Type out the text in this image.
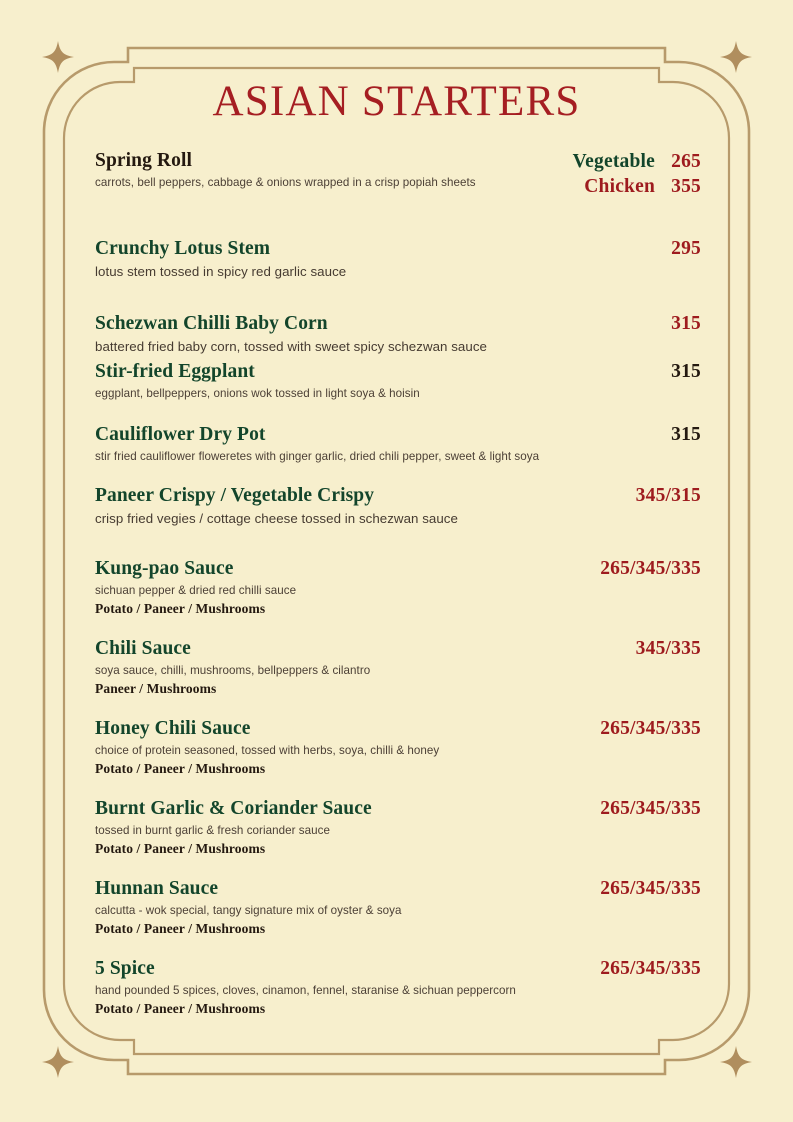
ASIAN STARTERS
Spring Roll	Vegetable 265
Chicken 355
carrots, bell peppers, cabbage & onions wrapped in a crisp popiah sheets
Crunchy Lotus Stem	295
lotus stem tossed in spicy red garlic sauce
Schezwan Chilli Baby Corn	315
battered fried baby corn, tossed with sweet spicy schezwan sauce
Stir-fried Eggplant	315
eggplant, bellpeppers, onions wok tossed in light soya & hoisin
Cauliflower Dry Pot	315
stir fried cauliflower floweretes with ginger garlic, dried chili pepper, sweet & light soya
Paneer Crispy / Vegetable Crispy	345/315
crisp fried vegies / cottage cheese tossed in schezwan sauce
Kung-pao Sauce	265/345/335
sichuan pepper & dried red chilli sauce
Potato / Paneer / Mushrooms
Chili Sauce	345/335
soya sauce, chilli, mushrooms, bellpeppers & cilantro
Paneer / Mushrooms
Honey Chili Sauce	265/345/335
choice of protein seasoned, tossed with herbs, soya, chilli & honey
Potato / Paneer / Mushrooms
Burnt Garlic & Coriander Sauce	265/345/335
tossed in burnt garlic & fresh coriander sauce
Potato / Paneer / Mushrooms
Hunnan Sauce	265/345/335
calcutta - wok special, tangy signature mix of oyster & soya
Potato / Paneer / Mushrooms
5 Spice	265/345/335
hand pounded 5 spices, cloves, cinamon, fennel, staranise & sichuan peppercorn
Potato / Paneer / Mushrooms
